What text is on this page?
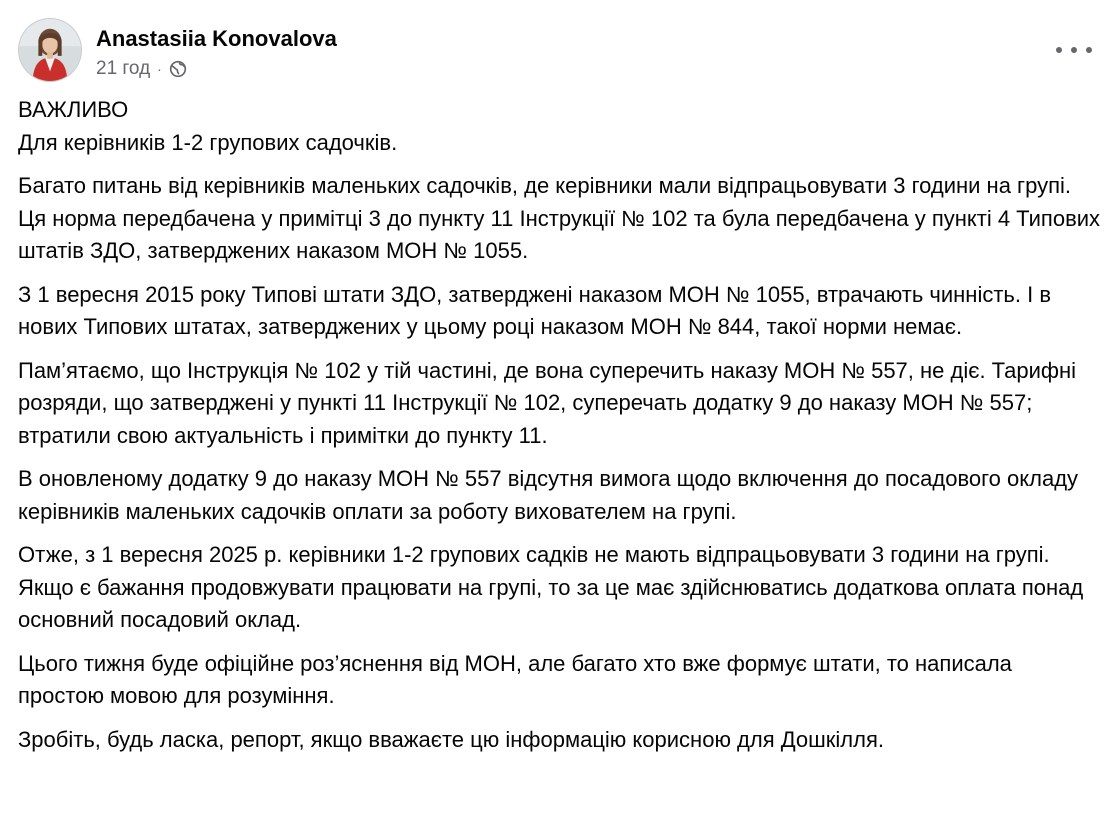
Anastasiia Konovalova
21 год ·

ВАЖЛИВО
Для керівників 1-2 групових садочків.

Багато питань від керівників маленьких садочків, де керівники мали відпрацьовувати 3 години на групі. Ця норма передбачена у примітці 3 до пункту 11 Інструкції № 102 та була передбачена у пункті 4 Типових штатів ЗДО, затверджених наказом МОН № 1055.

З 1 вересня 2015 року Типові штати ЗДО, затверджені наказом МОН № 1055, втрачають чинність. І в нових Типових штатах, затверджених у цьому році наказом МОН № 844, такої норми немає.

Пам’ятаємо, що Інструкція № 102 у тій частині, де вона суперечить наказу МОН № 557, не діє. Тарифні розряди, що затверджені у пункті 11 Інструкції № 102, суперечать додатку 9 до наказу МОН № 557;
втратили свою актуальність і примітки до пункту 11.

В оновленому додатку 9 до наказу МОН № 557 відсутня вимога щодо включення до посадового окладу керівників маленьких садочків оплати за роботу вихователем на групі.

Отже, з 1 вересня 2025 р. керівники 1-2 групових садків не мають відпрацьовувати 3 години на групі. Якщо є бажання продовжувати працювати на групі, то за це має здійснюватись додаткова оплата понад основний посадовий оклад.

Цього тижня буде офіційне роз’яснення від МОН, але багато хто вже формує штати, то написала простою мовою для розуміння.

Зробіть, будь ласка, репорт, якщо вважаєте цю інформацію корисною для Дошкілля.
